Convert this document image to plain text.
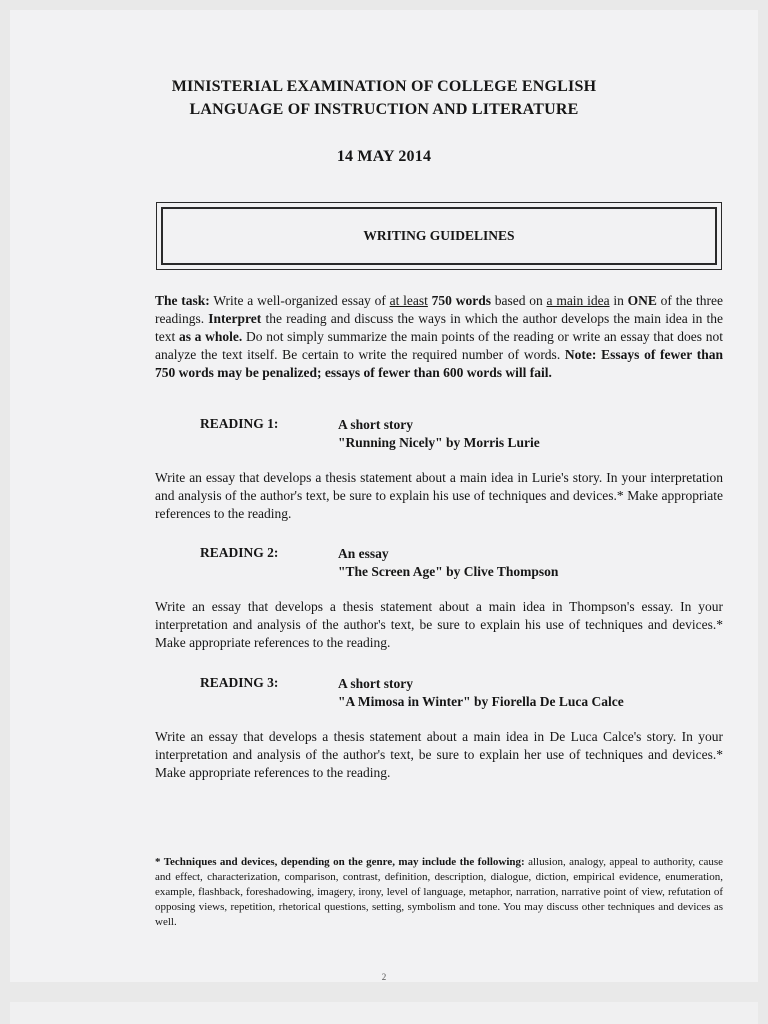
MINISTERIAL EXAMINATION OF COLLEGE ENGLISH
LANGUAGE OF INSTRUCTION AND LITERATURE
14 MAY 2014
WRITING GUIDELINES
The task: Write a well-organized essay of at least 750 words based on a main idea in ONE of the three readings. Interpret the reading and discuss the ways in which the author develops the main idea in the text as a whole. Do not simply summarize the main points of the reading or write an essay that does not analyze the text itself. Be certain to write the required number of words. Note: Essays of fewer than 750 words may be penalized; essays of fewer than 600 words will fail.
READING 1:	A short story
"Running Nicely" by Morris Lurie
Write an essay that develops a thesis statement about a main idea in Lurie's story. In your interpretation and analysis of the author's text, be sure to explain his use of techniques and devices.* Make appropriate references to the reading.
READING 2:	An essay
"The Screen Age" by Clive Thompson
Write an essay that develops a thesis statement about a main idea in Thompson's essay. In your interpretation and analysis of the author's text, be sure to explain his use of techniques and devices.* Make appropriate references to the reading.
READING 3:	A short story
"A Mimosa in Winter" by Fiorella De Luca Calce
Write an essay that develops a thesis statement about a main idea in De Luca Calce's story. In your interpretation and analysis of the author's text, be sure to explain her use of techniques and devices.* Make appropriate references to the reading.
* Techniques and devices, depending on the genre, may include the following: allusion, analogy, appeal to authority, cause and effect, characterization, comparison, contrast, definition, description, dialogue, diction, empirical evidence, enumeration, example, flashback, foreshadowing, imagery, irony, level of language, metaphor, narration, narrative point of view, refutation of opposing views, repetition, rhetorical questions, setting, symbolism and tone. You may discuss other techniques and devices as well.
2
